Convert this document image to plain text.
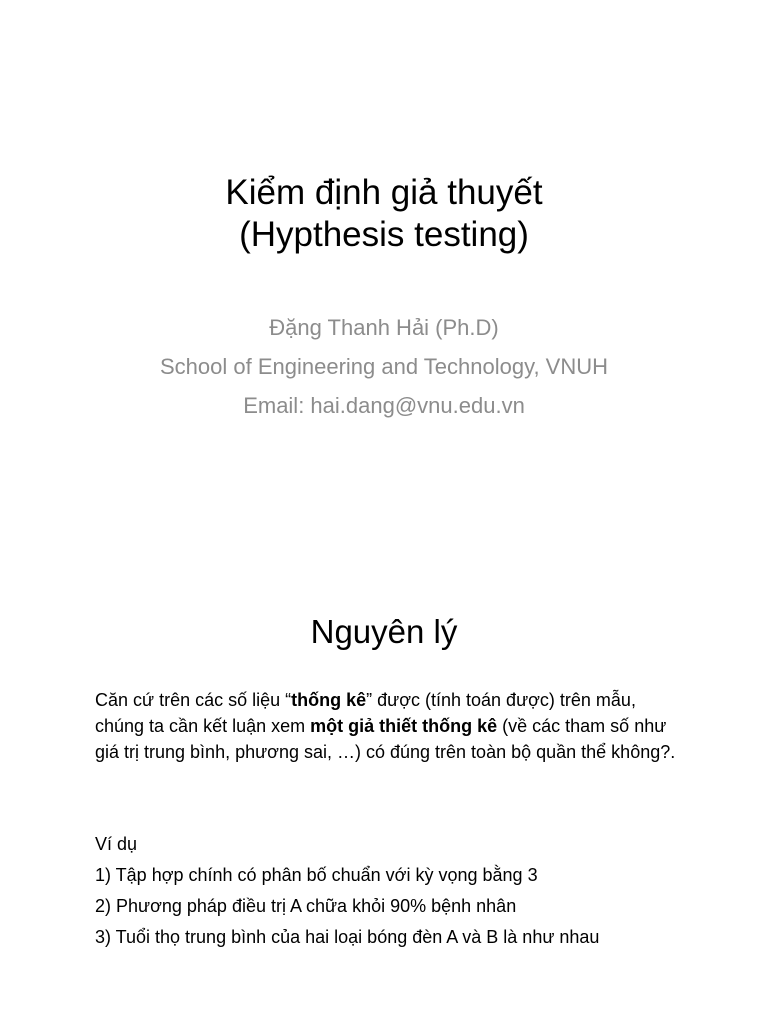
Kiểm định giả thuyết
(Hypthesis testing)
Đặng Thanh Hải (Ph.D)
School of Engineering and Technology, VNUH
Email: hai.dang@vnu.edu.vn
Nguyên lý
Căn cứ trên các số liệu “thống kê” được (tính toán được) trên mẫu, chúng ta cần kết luận xem một giả thiết thống kê (về các tham số như giá trị trung bình, phương sai, …) có đúng trên toàn bộ quần thể không?.
Ví dụ
1) Tập hợp chính có phân bố chuẩn với kỳ vọng bằng 3
2) Phương pháp điều trị A chữa khỏi 90% bệnh nhân
3) Tuổi thọ trung bình của hai loại bóng đèn A và B là như nhau
